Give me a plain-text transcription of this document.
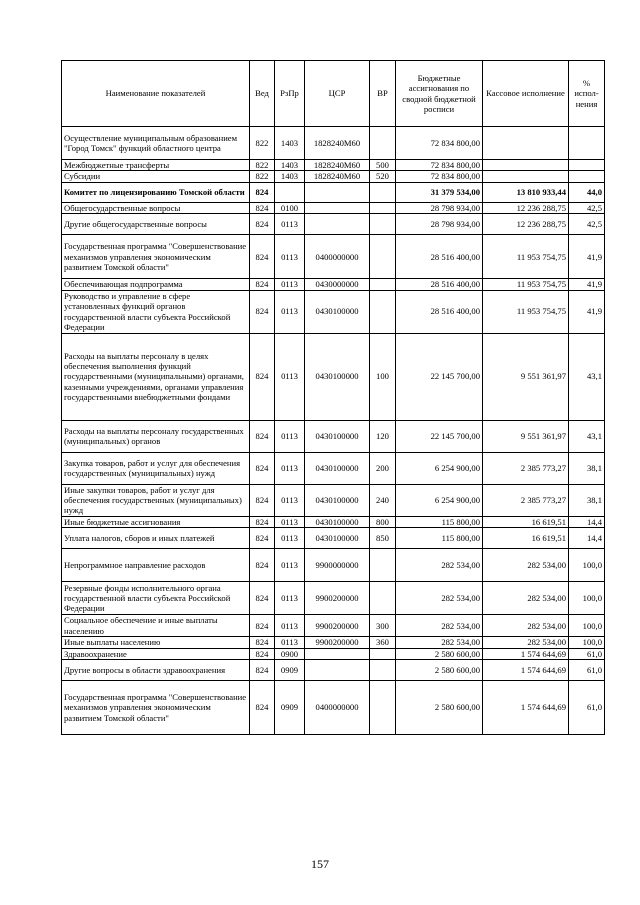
Наименование показателей	Вед	РзПр	ЦСР	ВР	Бюджетные ассигнования по сводной бюджетной росписи	Кассовое исполнение	% испол-нения
Осуществление муниципальным образованием "Город Томск" функций областного центра	822	1403	1828240М60		72 834 800,00		
Межбюджетные трансферты	822	1403	1828240М60	500	72 834 800,00		
Субсидии	822	1403	1828240М60	520	72 834 800,00		
Комитет по лицензированию Томской области	824				31 379 534,00	13 810 933,44	44,0
Общегосударственные вопросы	824	0100			28 798 934,00	12 236 288,75	42,5
Другие общегосударственные вопросы	824	0113			28 798 934,00	12 236 288,75	42,5
Государственная программа "Совершенствование механизмов управления экономическим развитием Томской области"	824	0113	0400000000		28 516 400,00	11 953 754,75	41,9
Обеспечивающая подпрограмма	824	0113	0430000000		28 516 400,00	11 953 754,75	41,9
Руководство и управление в сфере установленных функций органов государственной власти субъекта Российской Федерации	824	0113	0430100000		28 516 400,00	11 953 754,75	41,9
Расходы на выплаты персоналу в целях обеспечения выполнения функций государственными (муниципальными) органами, казенными учреждениями, органами управления государственными внебюджетными фондами	824	0113	0430100000	100	22 145 700,00	9 551 361,97	43,1
Расходы на выплаты персоналу государственных (муниципальных) органов	824	0113	0430100000	120	22 145 700,00	9 551 361,97	43,1
Закупка товаров, работ и услуг для обеспечения государственных (муниципальных) нужд	824	0113	0430100000	200	6 254 900,00	2 385 773,27	38,1
Иные закупки товаров, работ и услуг для обеспечения государственных (муниципальных) нужд	824	0113	0430100000	240	6 254 900,00	2 385 773,27	38,1
Иные бюджетные ассигнования	824	0113	0430100000	800	115 800,00	16 619,51	14,4
Уплата налогов, сборов и иных платежей	824	0113	0430100000	850	115 800,00	16 619,51	14,4
Непрограммное направление расходов	824	0113	9900000000		282 534,00	282 534,00	100,0
Резервные фонды исполнительного органа государственной власти субъекта Российской Федерации	824	0113	9900200000		282 534,00	282 534,00	100,0
Социальное обеспечение и иные выплаты населению	824	0113	9900200000	300	282 534,00	282 534,00	100,0
Иные выплаты населению	824	0113	9900200000	360	282 534,00	282 534,00	100,0
Здравоохранение	824	0900			2 580 600,00	1 574 644,69	61,0
Другие вопросы в области здравоохранения	824	0909			2 580 600,00	1 574 644,69	61,0
Государственная программа "Совершенствование механизмов управления экономическим развитием Томской области"	824	0909	0400000000		2 580 600,00	1 574 644,69	61,0
157
